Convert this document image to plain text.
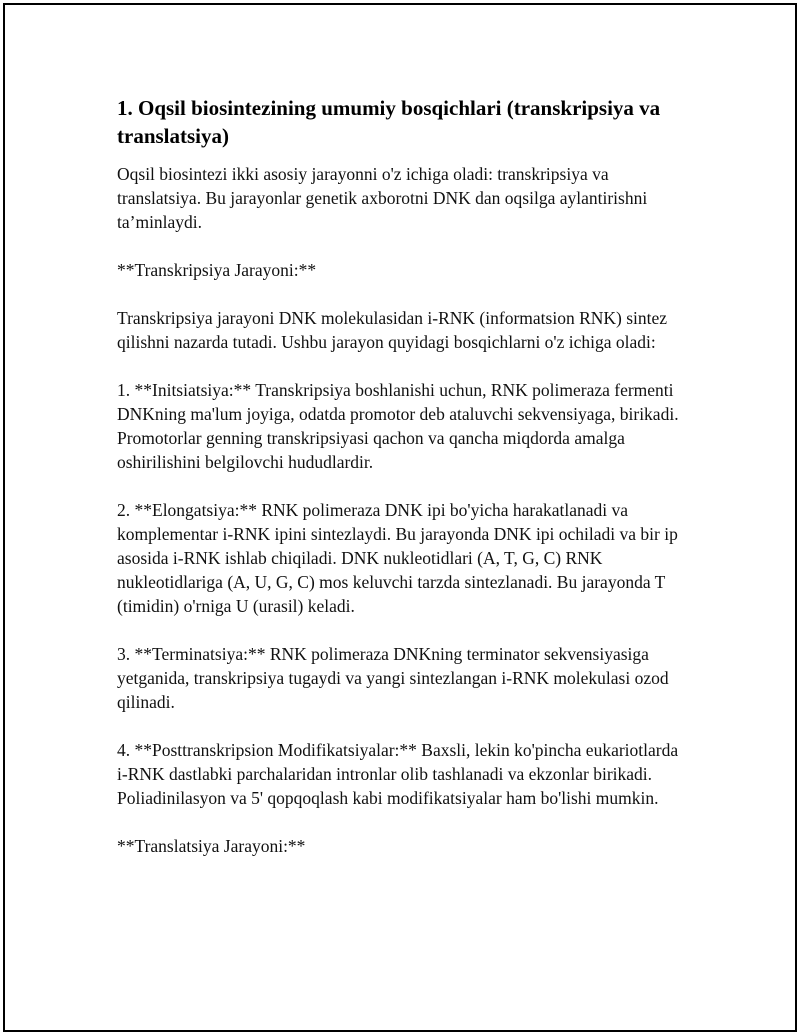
1. Oqsil biosintezining umumiy bosqichlari (transkripsiya va translatsiya)

Oqsil biosintezi ikki asosiy jarayonni o'z ichiga oladi: transkripsiya va translatsiya. Bu jarayonlar genetik axborotni DNK dan oqsilga aylantirishni taʼminlaydi.

**Transkripsiya Jarayoni:**

Transkripsiya jarayoni DNK molekulasidan i-RNK (informatsion RNK) sintez qilishni nazarda tutadi. Ushbu jarayon quyidagi bosqichlarni o'z ichiga oladi:

1. **Initsiatsiya:** Transkripsiya boshlanishi uchun, RNK polimeraza fermenti DNKning ma'lum joyiga, odatda promotor deb ataluvchi sekvensiyaga, birikadi. Promotorlar genning transkripsiyasi qachon va qancha miqdorda amalga oshirilishini belgilovchi hududlardir.

2. **Elongatsiya:** RNK polimeraza DNK ipi bo'yicha harakatlanadi va komplementar i-RNK ipini sintezlaydi. Bu jarayonda DNK ipi ochiladi va bir ip asosida i-RNK ishlab chiqiladi. DNK nukleotidlari (A, T, G, C) RNK nukleotidlariga (A, U, G, C) mos keluvchi tarzda sintezlanadi. Bu jarayonda T (timidin) o'rniga U (urasil) keladi.

3. **Terminatsiya:** RNK polimeraza DNKning terminator sekvensiyasiga yetganida, transkripsiya tugaydi va yangi sintezlangan i-RNK molekulasi ozod qilinadi.

4. **Posttranskripsion Modifikatsiyalar:** Baxsli, lekin ko'pincha eukariotlarda i-RNK dastlabki parchalaridan intronlar olib tashlanadi va ekzonlar birikadi. Poliadinilasyon va 5' qopqoqlash kabi modifikatsiyalar ham bo'lishi mumkin.

**Translatsiya Jarayoni:**
